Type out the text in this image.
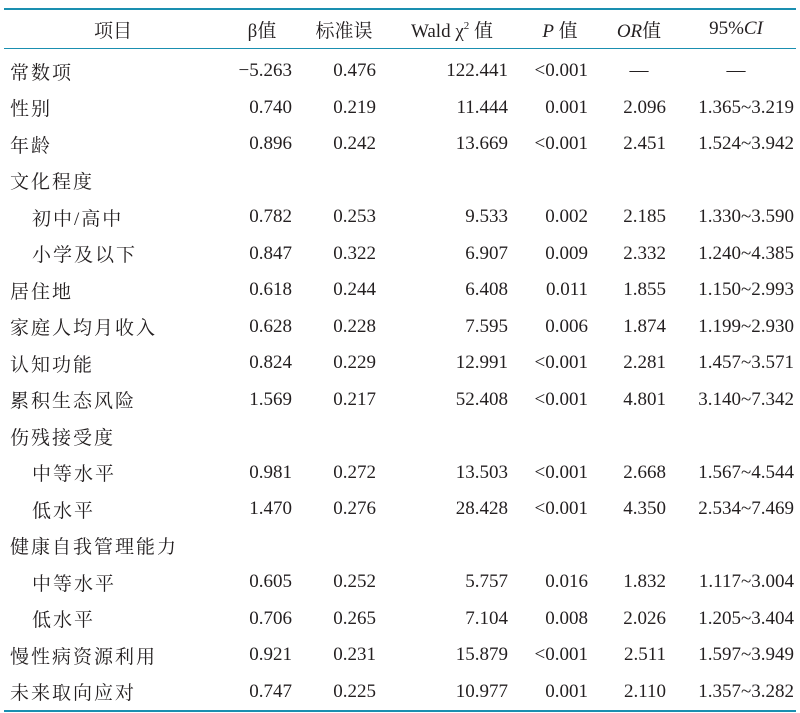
项目	β值	标准误	Wald $\chi^2$ 值	P 值	OR值	95%CI
常数项	−5.263	0.476	122.441	<0.001	—	—
性别	0.740	0.219	11.444	0.001	2.096	1.365~3.219
年龄	0.896	0.242	13.669	<0.001	2.451	1.524~3.942
文化程度						
初中/高中	0.782	0.253	9.533	0.002	2.185	1.330~3.590
小学及以下	0.847	0.322	6.907	0.009	2.332	1.240~4.385
居住地	0.618	0.244	6.408	0.011	1.855	1.150~2.993
家庭人均月收入	0.628	0.228	7.595	0.006	1.874	1.199~2.930
认知功能	0.824	0.229	12.991	<0.001	2.281	1.457~3.571
累积生态风险	1.569	0.217	52.408	<0.001	4.801	3.140~7.342
伤残接受度						
中等水平	0.981	0.272	13.503	<0.001	2.668	1.567~4.544
低水平	1.470	0.276	28.428	<0.001	4.350	2.534~7.469
健康自我管理能力						
中等水平	0.605	0.252	5.757	0.016	1.832	1.117~3.004
低水平	0.706	0.265	7.104	0.008	2.026	1.205~3.404
慢性病资源利用	0.921	0.231	15.879	<0.001	2.511	1.597~3.949
未来取向应对	0.747	0.225	10.977	0.001	2.110	1.357~3.282
